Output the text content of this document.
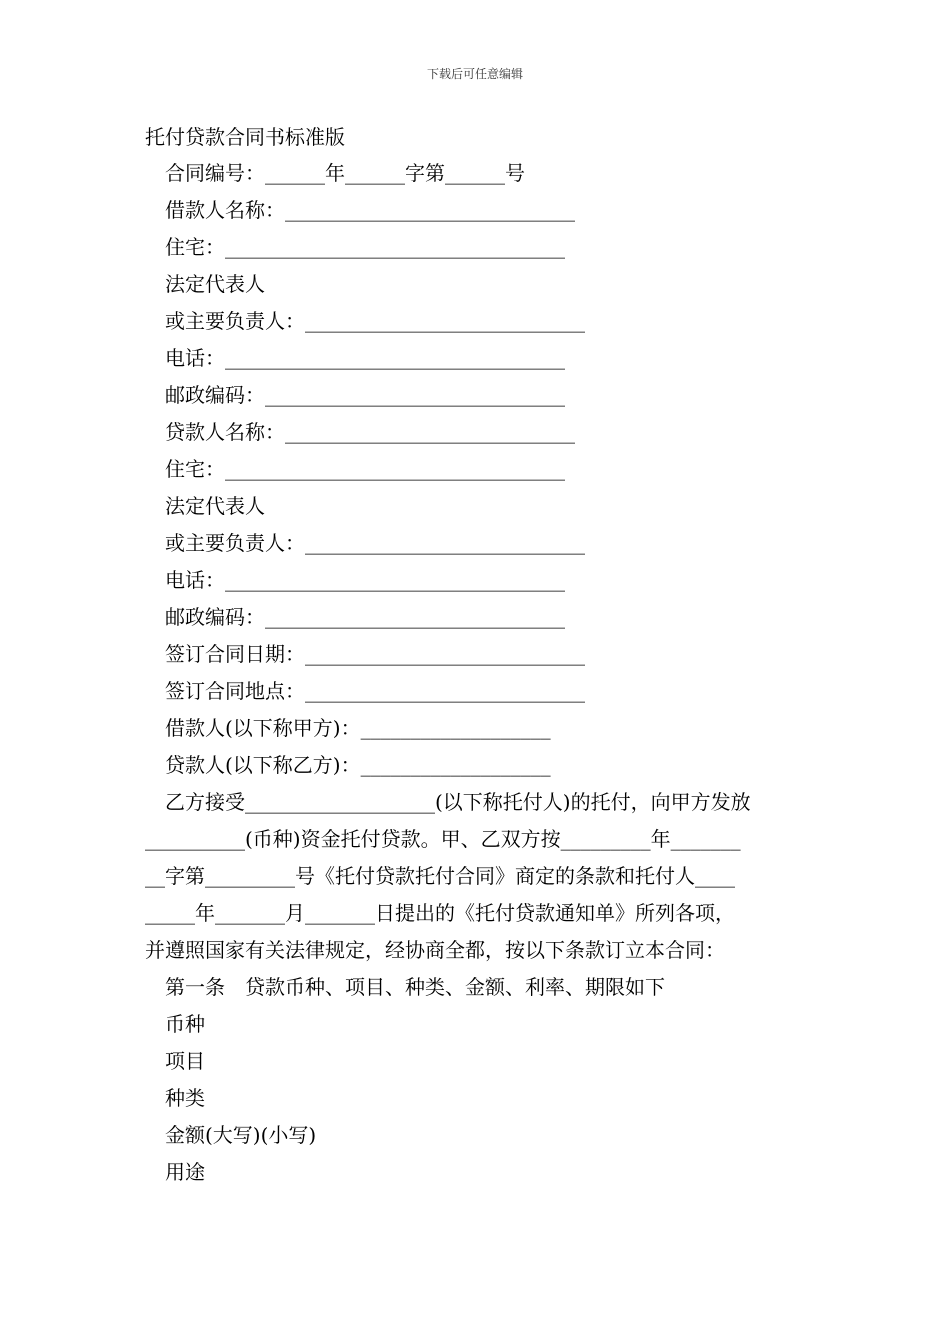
下载后可任意编辑
托付贷款合同书标准版
合同编号：______年______字第______号
借款人名称：_____________________________
住宅：__________________________________
法定代表人
或主要负责人：____________________________
电话：__________________________________
邮政编码：______________________________
贷款人名称：_____________________________
住宅：__________________________________
法定代表人
或主要负责人：____________________________
电话：__________________________________
邮政编码：______________________________
签订合同日期：____________________________
签订合同地点：____________________________
借款人(以下称甲方)：___________________
贷款人(以下称乙方)：___________________
　乙方接受___________________(以下称托付人)的托付，向甲方发放
__________(币种)资金托付贷款。甲、乙双方按_________年_______
__字第_________号《托付贷款托付合同》商定的条款和托付人____
_____年_______月_______日提出的《托付贷款通知单》所列各项，
并遵照国家有关法律规定，经协商全都，按以下条款订立本合同：
第一条　贷款币种、项目、种类、金额、利率、期限如下
币种
项目
种类
金额(大写)(小写)
用途
